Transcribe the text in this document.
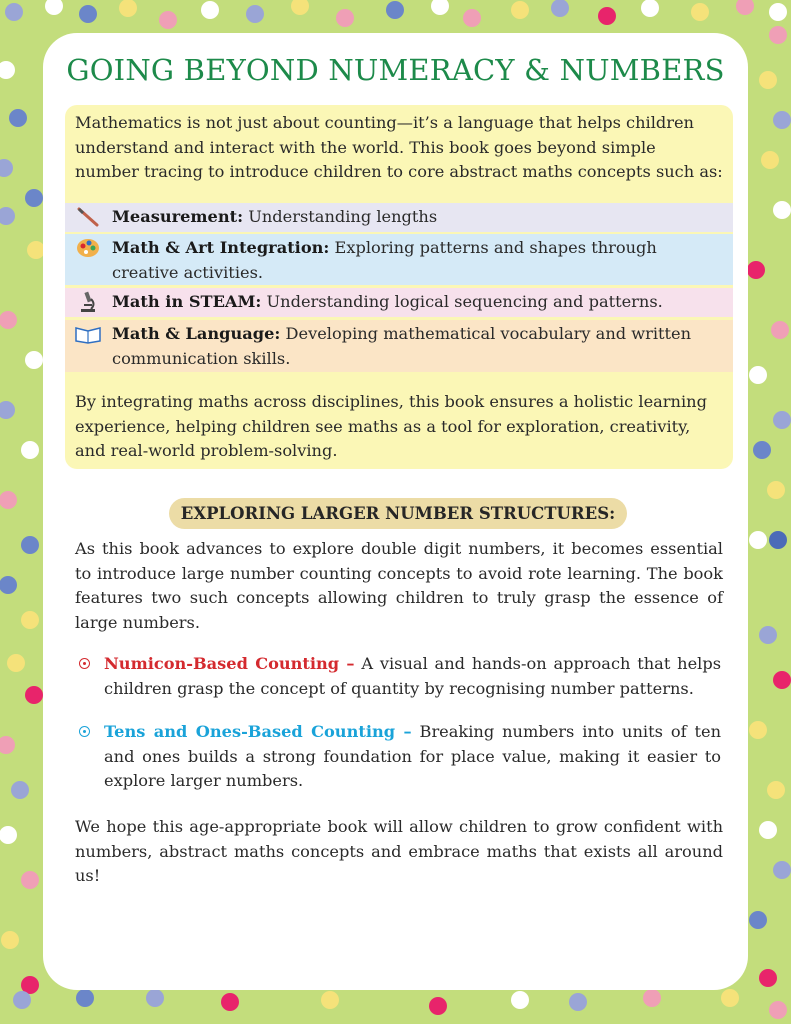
GOING BEYOND NUMERACY & NUMBERS

Mathematics is not just about counting—it’s a language that helps children understand and interact with the world. This book goes beyond simple number tracing to introduce children to core abstract maths concepts such as:

Measurement: Understanding lengths
Math & Art Integration: Exploring patterns and shapes through creative activities.
Math in STEAM: Understanding logical sequencing and patterns.
Math & Language: Developing mathematical vocabulary and written communication skills.

By integrating maths across disciplines, this book ensures a holistic learning experience, helping children see maths as a tool for exploration, creativity, and real-world problem-solving.

EXPLORING LARGER NUMBER STRUCTURES:

As this book advances to explore double digit numbers, it becomes essential to introduce large number counting concepts to avoid rote learning. The book features two such concepts allowing children to truly grasp the essence of large numbers.

Numicon-Based Counting – A visual and hands-on approach that helps children grasp the concept of quantity by recognising number patterns.

Tens and Ones-Based Counting – Breaking numbers into units of ten and ones builds a strong foundation for place value, making it easier to explore larger numbers.

We hope this age-appropriate book will allow children to grow confident with numbers, abstract maths concepts and embrace maths that exists all around us!
